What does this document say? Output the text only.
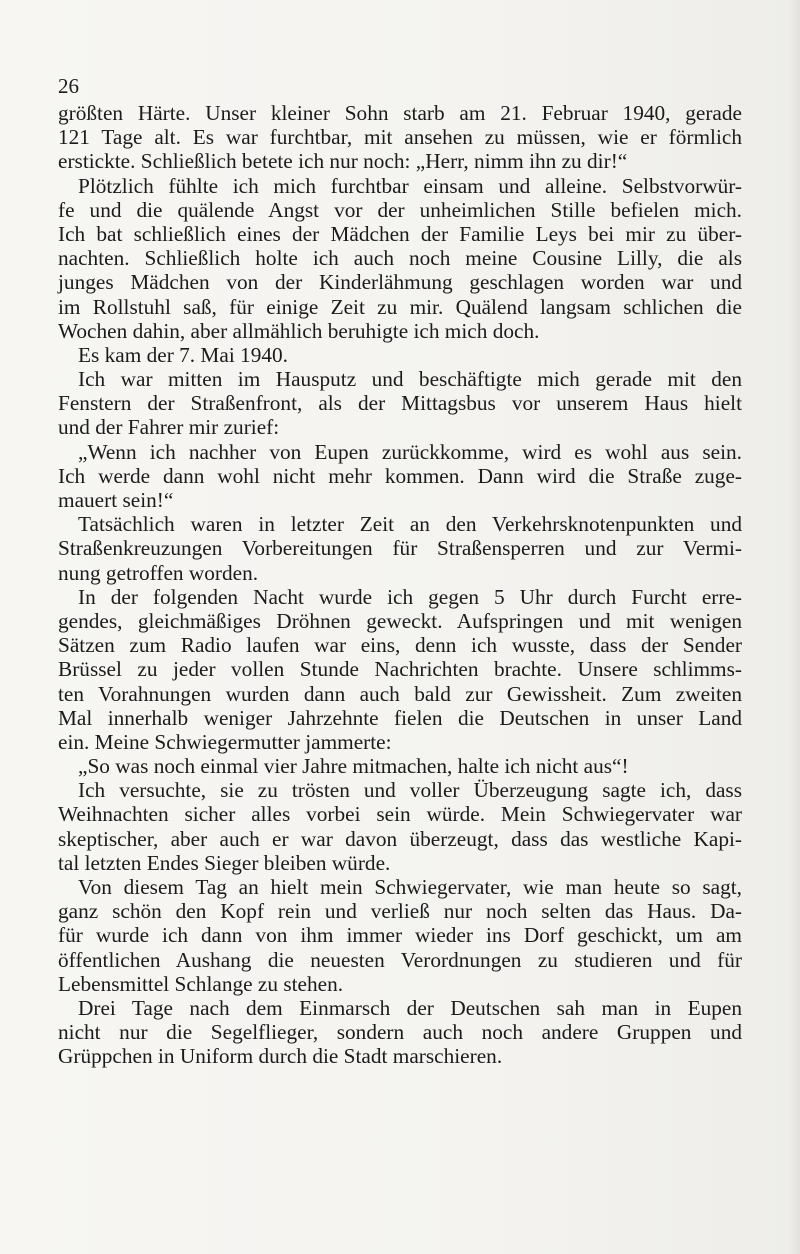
26
größten Härte. Unser kleiner Sohn starb am 21. Februar 1940, gerade
121 Tage alt. Es war furchtbar, mit ansehen zu müssen, wie er förmlich
erstickte. Schließlich betete ich nur noch: „Herr, nimm ihn zu dir!“
Plötzlich fühlte ich mich furchtbar einsam und alleine. Selbstvorwür-
fe und die quälende Angst vor der unheimlichen Stille befielen mich.
Ich bat schließlich eines der Mädchen der Familie Leys bei mir zu über-
nachten. Schließlich holte ich auch noch meine Cousine Lilly, die als
junges Mädchen von der Kinderlähmung geschlagen worden war und
im Rollstuhl saß, für einige Zeit zu mir. Quälend langsam schlichen die
Wochen dahin, aber allmählich beruhigte ich mich doch.
Es kam der 7. Mai 1940.
Ich war mitten im Hausputz und beschäftigte mich gerade mit den
Fenstern der Straßenfront, als der Mittagsbus vor unserem Haus hielt
und der Fahrer mir zurief:
„Wenn ich nachher von Eupen zurückkomme, wird es wohl aus sein.
Ich werde dann wohl nicht mehr kommen. Dann wird die Straße zuge-
mauert sein!“
Tatsächlich waren in letzter Zeit an den Verkehrsknotenpunkten und
Straßenkreuzungen Vorbereitungen für Straßensperren und zur Vermi-
nung getroffen worden.
In der folgenden Nacht wurde ich gegen 5 Uhr durch Furcht erre-
gendes, gleichmäßiges Dröhnen geweckt. Aufspringen und mit wenigen
Sätzen zum Radio laufen war eins, denn ich wusste, dass der Sender
Brüssel zu jeder vollen Stunde Nachrichten brachte. Unsere schlimms-
ten Vorahnungen wurden dann auch bald zur Gewissheit. Zum zweiten
Mal innerhalb weniger Jahrzehnte fielen die Deutschen in unser Land
ein. Meine Schwiegermutter jammerte:
„So was noch einmal vier Jahre mitmachen, halte ich nicht aus“!
Ich versuchte, sie zu trösten und voller Überzeugung sagte ich, dass
Weihnachten sicher alles vorbei sein würde. Mein Schwiegervater war
skeptischer, aber auch er war davon überzeugt, dass das westliche Kapi-
tal letzten Endes Sieger bleiben würde.
Von diesem Tag an hielt mein Schwiegervater, wie man heute so sagt,
ganz schön den Kopf rein und verließ nur noch selten das Haus. Da-
für wurde ich dann von ihm immer wieder ins Dorf geschickt, um am
öffentlichen Aushang die neuesten Verordnungen zu studieren und für
Lebensmittel Schlange zu stehen.
Drei Tage nach dem Einmarsch der Deutschen sah man in Eupen
nicht nur die Segelflieger, sondern auch noch andere Gruppen und
Grüppchen in Uniform durch die Stadt marschieren.
